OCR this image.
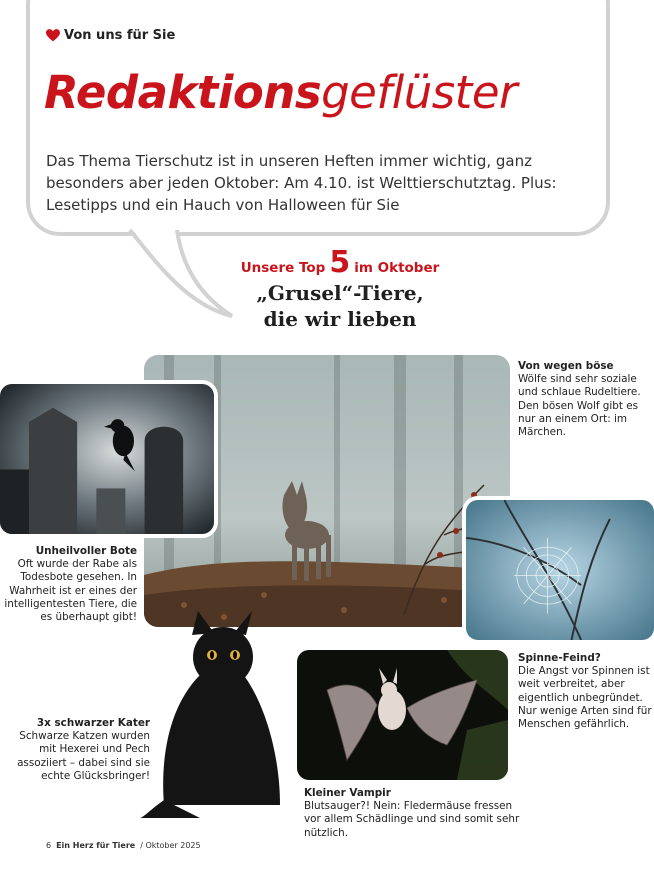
Von uns für Sie
Redaktionsgeflüster

Das Thema Tierschutz ist in unseren Heften immer wichtig, ganz besonders aber jeden Oktober: Am 4.10. ist Welttierschutztag. Plus: Lesetipps und ein Hauch von Halloween für Sie

Unsere Top 5 im Oktober
„Grusel“-Tiere,
die wir lieben
Von wegen böse
Wölfe sind sehr soziale und schlaue Rudeltiere. Den bösen Wolf gibt es nur an einem Ort: im Märchen.
Unheilvoller Bote
Oft wurde der Rabe als Todesbote gesehen. In Wahrheit ist er eines der intelligentesten Tiere, die es überhaupt gibt!
Spinne-Feind?
Die Angst vor Spinnen ist weit verbreitet, aber eigentlich unbegründet. Nur wenige Arten sind für Menschen gefährlich.
3x schwarzer Kater
Schwarze Katzen wurden mit Hexerei und Pech assoziiert – dabei sind sie echte Glücksbringer!
Kleiner Vampir
Blutsauger?! Nein: Fledermäuse fressen vor allem Schädlinge und sind somit sehr nützlich.
6 Ein Herz für Tiere / Oktober 2025
